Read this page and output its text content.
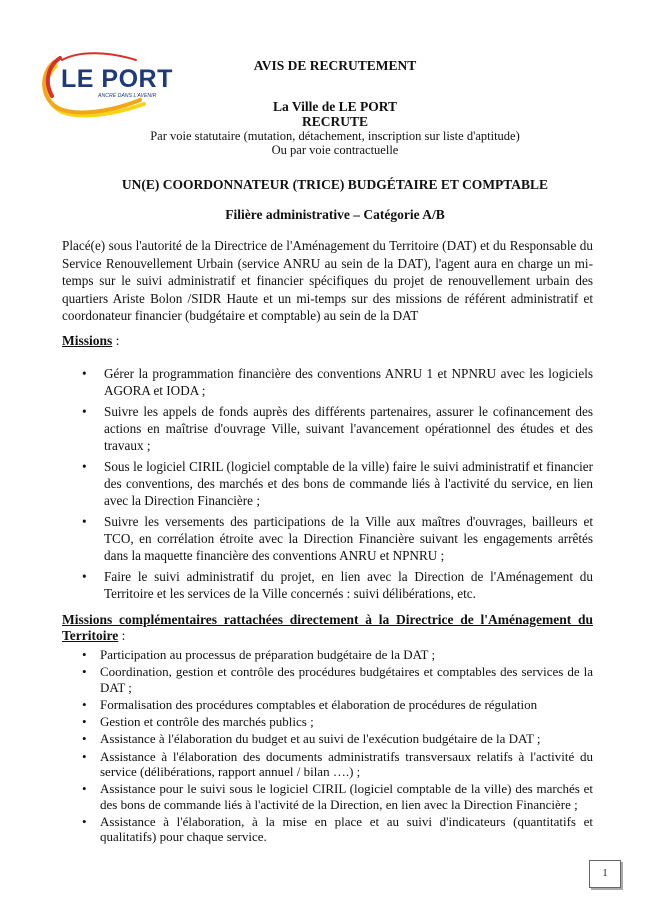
LE PORT
ANCRÉ DANS L'AVENIR
AVIS DE RECRUTEMENT
La Ville de LE PORT
RECRUTE
Par voie statutaire (mutation, détachement, inscription sur liste d'aptitude)
Ou par voie contractuelle
UN(E) COORDONNATEUR (TRICE) BUDGÉTAIRE ET COMPTABLE
Filière administrative – Catégorie A/B
Placé(e) sous l'autorité de la Directrice de l'Aménagement du Territoire (DAT) et du Responsable du Service Renouvellement Urbain (service ANRU au sein de la DAT), l'agent aura en charge un mi-temps sur le suivi administratif et financier spécifiques du projet de renouvellement urbain des quartiers Ariste Bolon /SIDR Haute et un mi-temps sur des missions de référent administratif et coordonateur financier (budgétaire et comptable) au sein de la DAT
Missions :
• Gérer la programmation financière des conventions ANRU 1 et NPNRU avec les logiciels AGORA et IODA ;
• Suivre les appels de fonds auprès des différents partenaires, assurer le cofinancement des actions en maîtrise d'ouvrage Ville, suivant l'avancement opérationnel des études et des travaux ;
• Sous le logiciel CIRIL (logiciel comptable de la ville) faire le suivi administratif et financier des conventions, des marchés et des bons de commande liés à l'activité du service, en lien avec la Direction Financière ;
• Suivre les versements des participations de la Ville aux maîtres d'ouvrages, bailleurs et TCO, en corrélation étroite avec la Direction Financière suivant les engagements arrêtés dans la maquette financière des conventions ANRU et NPNRU ;
• Faire le suivi administratif du projet, en lien avec la Direction de l'Aménagement du Territoire et les services de la Ville concernés : suivi délibérations, etc.
Missions complémentaires rattachées directement à la Directrice de l'Aménagement du Territoire :
• Participation au processus de préparation budgétaire de la DAT ;
• Coordination, gestion et contrôle des procédures budgétaires et comptables des services de la DAT ;
• Formalisation des procédures comptables et élaboration de procédures de régulation
• Gestion et contrôle des marchés publics ;
• Assistance à l'élaboration du budget et au suivi de l'exécution budgétaire de la DAT ;
• Assistance à l'élaboration des documents administratifs transversaux relatifs à l'activité du service (délibérations, rapport annuel / bilan ….) ;
• Assistance pour le suivi sous le logiciel CIRIL (logiciel comptable de la ville) des marchés et des bons de commande liés à l'activité de la Direction, en lien avec la Direction Financière ;
• Assistance à l'élaboration, à la mise en place et au suivi d'indicateurs (quantitatifs et qualitatifs) pour chaque service.
1
